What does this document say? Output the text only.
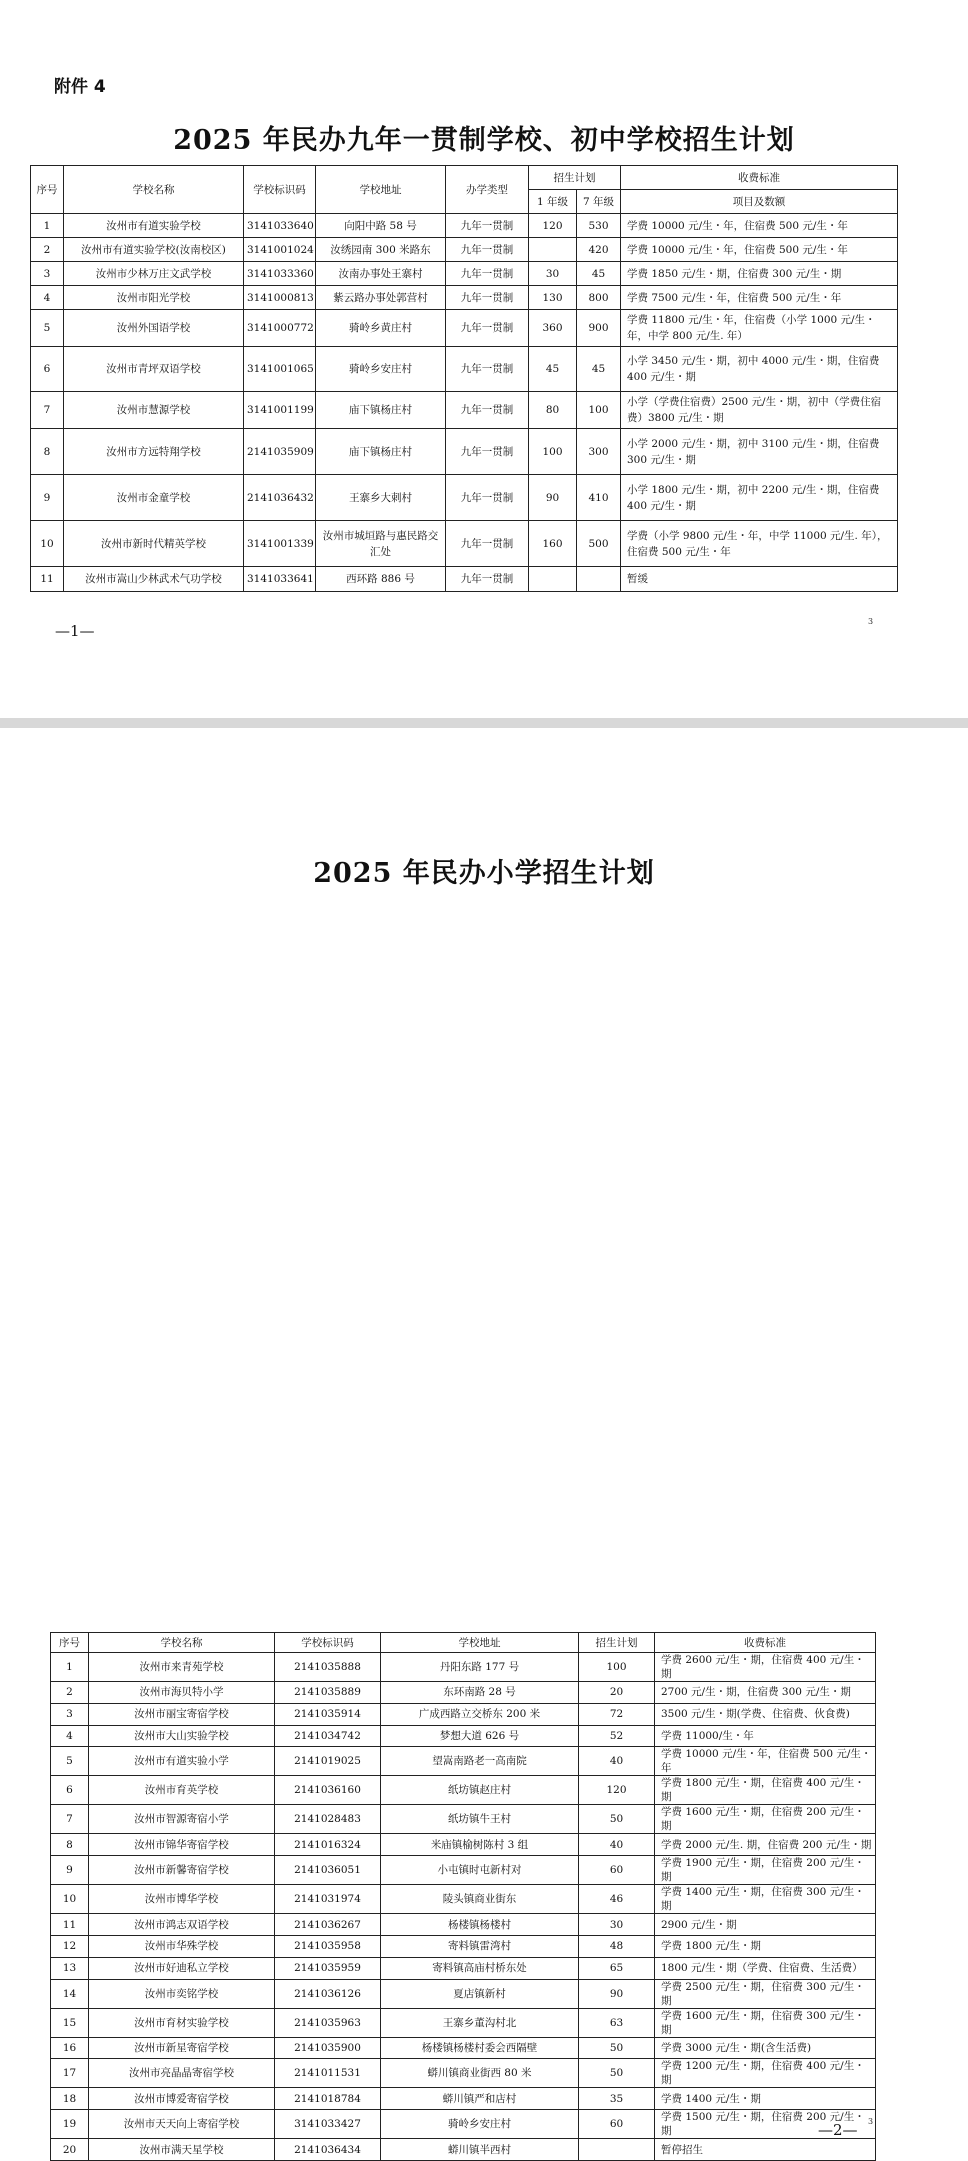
附件 4
2025 年民办九年一贯制学校、初中学校招生计划
序号	学校名称	学校标识码	学校地址	办学类型	招生计划		收费标准
					1 年级	7 年级	项目及数额
1	汝州市有道实验学校	3141033640	向阳中路 58 号	九年一贯制	120	530	学费 10000 元/生・年，住宿费 500 元/生・年
2	汝州市有道实验学校(汝南校区)	3141001024	汝绣园南 300 米路东	九年一贯制		420	学费 10000 元/生・年，住宿费 500 元/生・年
3	汝州市少林万庄文武学校	3141033360	汝南办事处王寨村	九年一贯制	30	45	学费 1850 元/生・期，住宿费 300 元/生・期
4	汝州市阳光学校	3141000813	紫云路办事处郭营村	九年一贯制	130	800	学费 7500 元/生・年，住宿费 500 元/生・年
5	汝州外国语学校	3141000772	骑岭乡黄庄村	九年一贯制	360	900	学费 11800 元/生・年，住宿费（小学 1000 元/生・年，中学 800 元/生. 年）
6	汝州市青坪双语学校	3141001065	骑岭乡安庄村	九年一贯制	45	45	小学 3450 元/生・期，初中 4000 元/生・期，住宿费 400 元/生・期
7	汝州市慧源学校	3141001199	庙下镇杨庄村	九年一贯制	80	100	小学（学费住宿费）2500 元/生・期，初中（学费住宿费）3800 元/生・期
8	汝州市方远特翔学校	2141035909	庙下镇杨庄村	九年一贯制	100	300	小学 2000 元/生・期，初中 3100 元/生・期，住宿费 300 元/生・期
9	汝州市金童学校	2141036432	王寨乡大刺村	九年一贯制	90	410	小学 1800 元/生・期，初中 2200 元/生・期，住宿费 400 元/生・期
10	汝州市新时代精英学校	3141001339	汝州市城垣路与惠民路交汇处	九年一贯制	160	500	学费（小学 9800 元/生・年，中学 11000 元/生. 年），住宿费 500 元/生・年
11	汝州市嵩山少林武术气功学校	3141033641	西环路 886 号	九年一贯制			暂缓
—1—
3
2025 年民办小学招生计划
序号	学校名称	学校标识码	学校地址	招生计划	收费标准
1	汝州市来青苑学校	2141035888	丹阳东路 177 号	100	学费 2600 元/生・期，住宿费 400 元/生・期
2	汝州市海贝特小学	2141035889	东环南路 28 号	20	2700 元/生・期，住宿费 300 元/生・期
3	汝州市丽宝寄宿学校	2141035914	广成西路立交桥东 200 米	72	3500 元/生・期(学费、住宿费、伙食费)
4	汝州市大山实验学校	2141034742	梦想大道 626 号	52	学费 11000/生・年
5	汝州市有道实验小学	2141019025	望嵩南路老一高南院	40	学费 10000 元/生・年，住宿费 500 元/生・年
6	汝州市育英学校	2141036160	纸坊镇赵庄村	120	学费 1800 元/生・期，住宿费 400 元/生・期
7	汝州市智源寄宿小学	2141028483	纸坊镇牛王村	50	学费 1600 元/生・期，住宿费 200 元/生・期
8	汝州市锦华寄宿学校	2141016324	米庙镇榆树陈村 3 组	40	学费 2000 元/生. 期，住宿费 200 元/生・期
9	汝州市新馨寄宿学校	2141036051	小屯镇时屯新村对	60	学费 1900 元/生・期，住宿费 200 元/生・期
10	汝州市博华学校	2141031974	陵头镇商业街东	46	学费 1400 元/生・期，住宿费 300 元/生・期
11	汝州市鸿志双语学校	2141036267	杨楼镇杨楼村	30	2900 元/生・期
12	汝州市华殊学校	2141035958	寄料镇雷湾村	48	学费 1800 元/生・期
13	汝州市好迪私立学校	2141035959	寄料镇高庙村桥东处	65	1800 元/生・期（学费、住宿费、生活费）
14	汝州市奕铭学校	2141036126	夏店镇新村	90	学费 2500 元/生・期，住宿费 300 元/生・期
15	汝州市育材实验学校	2141035963	王寨乡董沟村北	63	学费 1600 元/生・期，住宿费 300 元/生・期
16	汝州市新星寄宿学校	2141035900	杨楼镇杨楼村委会西隔壁	50	学费 3000 元/生・期(含生活费)
17	汝州市亮晶晶寄宿学校	2141011531	蟒川镇商业街西 80 米	50	学费 1200 元/生・期，住宿费 400 元/生・期
18	汝州市博爱寄宿学校	2141018784	蟒川镇严和店村	35	学费 1400 元/生・期
19	汝州市天天向上寄宿学校	3141033427	骑岭乡安庄村	60	学费 1500 元/生・期，住宿费 200 元/生・期
20	汝州市满天星学校	2141036434	蟒川镇半西村		暂停招生
—2— 3
